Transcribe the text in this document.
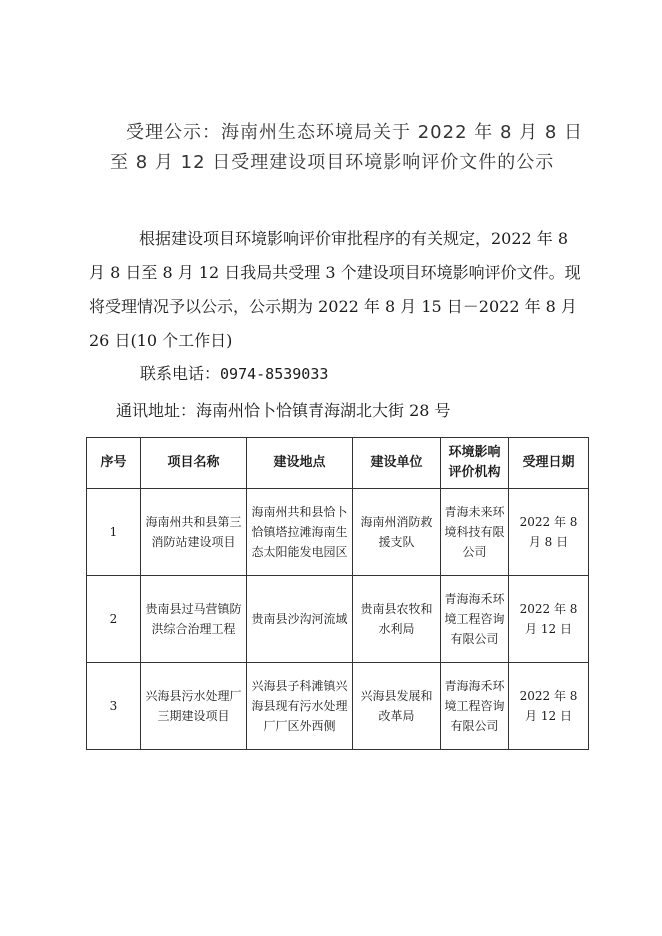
受理公示：海南州生态环境局关于 2022 年 8 月 8 日
至 8 月 12 日受理建设项目环境影响评价文件的公示

根据建设项目环境影响评价审批程序的有关规定，2022 年 8 月 8 日至 8 月 12 日我局共受理 3 个建设项目环境影响评价文件。现将受理情况予以公示，公示期为 2022 年 8 月 15 日－2022 年 8 月 26 日(10 个工作日)

联系电话：0974-8539033
通讯地址：海南州恰卜恰镇青海湖北大街 28 号
序号	项目名称	建设地点	建设单位	环境影响评价机构	受理日期
1	海南州共和县第三消防站建设项目	海南州共和县恰卜恰镇塔拉滩海南生态太阳能发电园区	海南州消防救援支队	青海未来环境科技有限公司	2022 年 8 月 8 日
2	贵南县过马营镇防洪综合治理工程	贵南县沙沟河流域	贵南县农牧和水利局	青海海禾环境工程咨询有限公司	2022 年 8 月 12 日
3	兴海县污水处理厂三期建设项目	兴海县子科滩镇兴海县现有污水处理厂厂区外西侧	兴海县发展和改革局	青海海禾环境工程咨询有限公司	2022 年 8 月 12 日
